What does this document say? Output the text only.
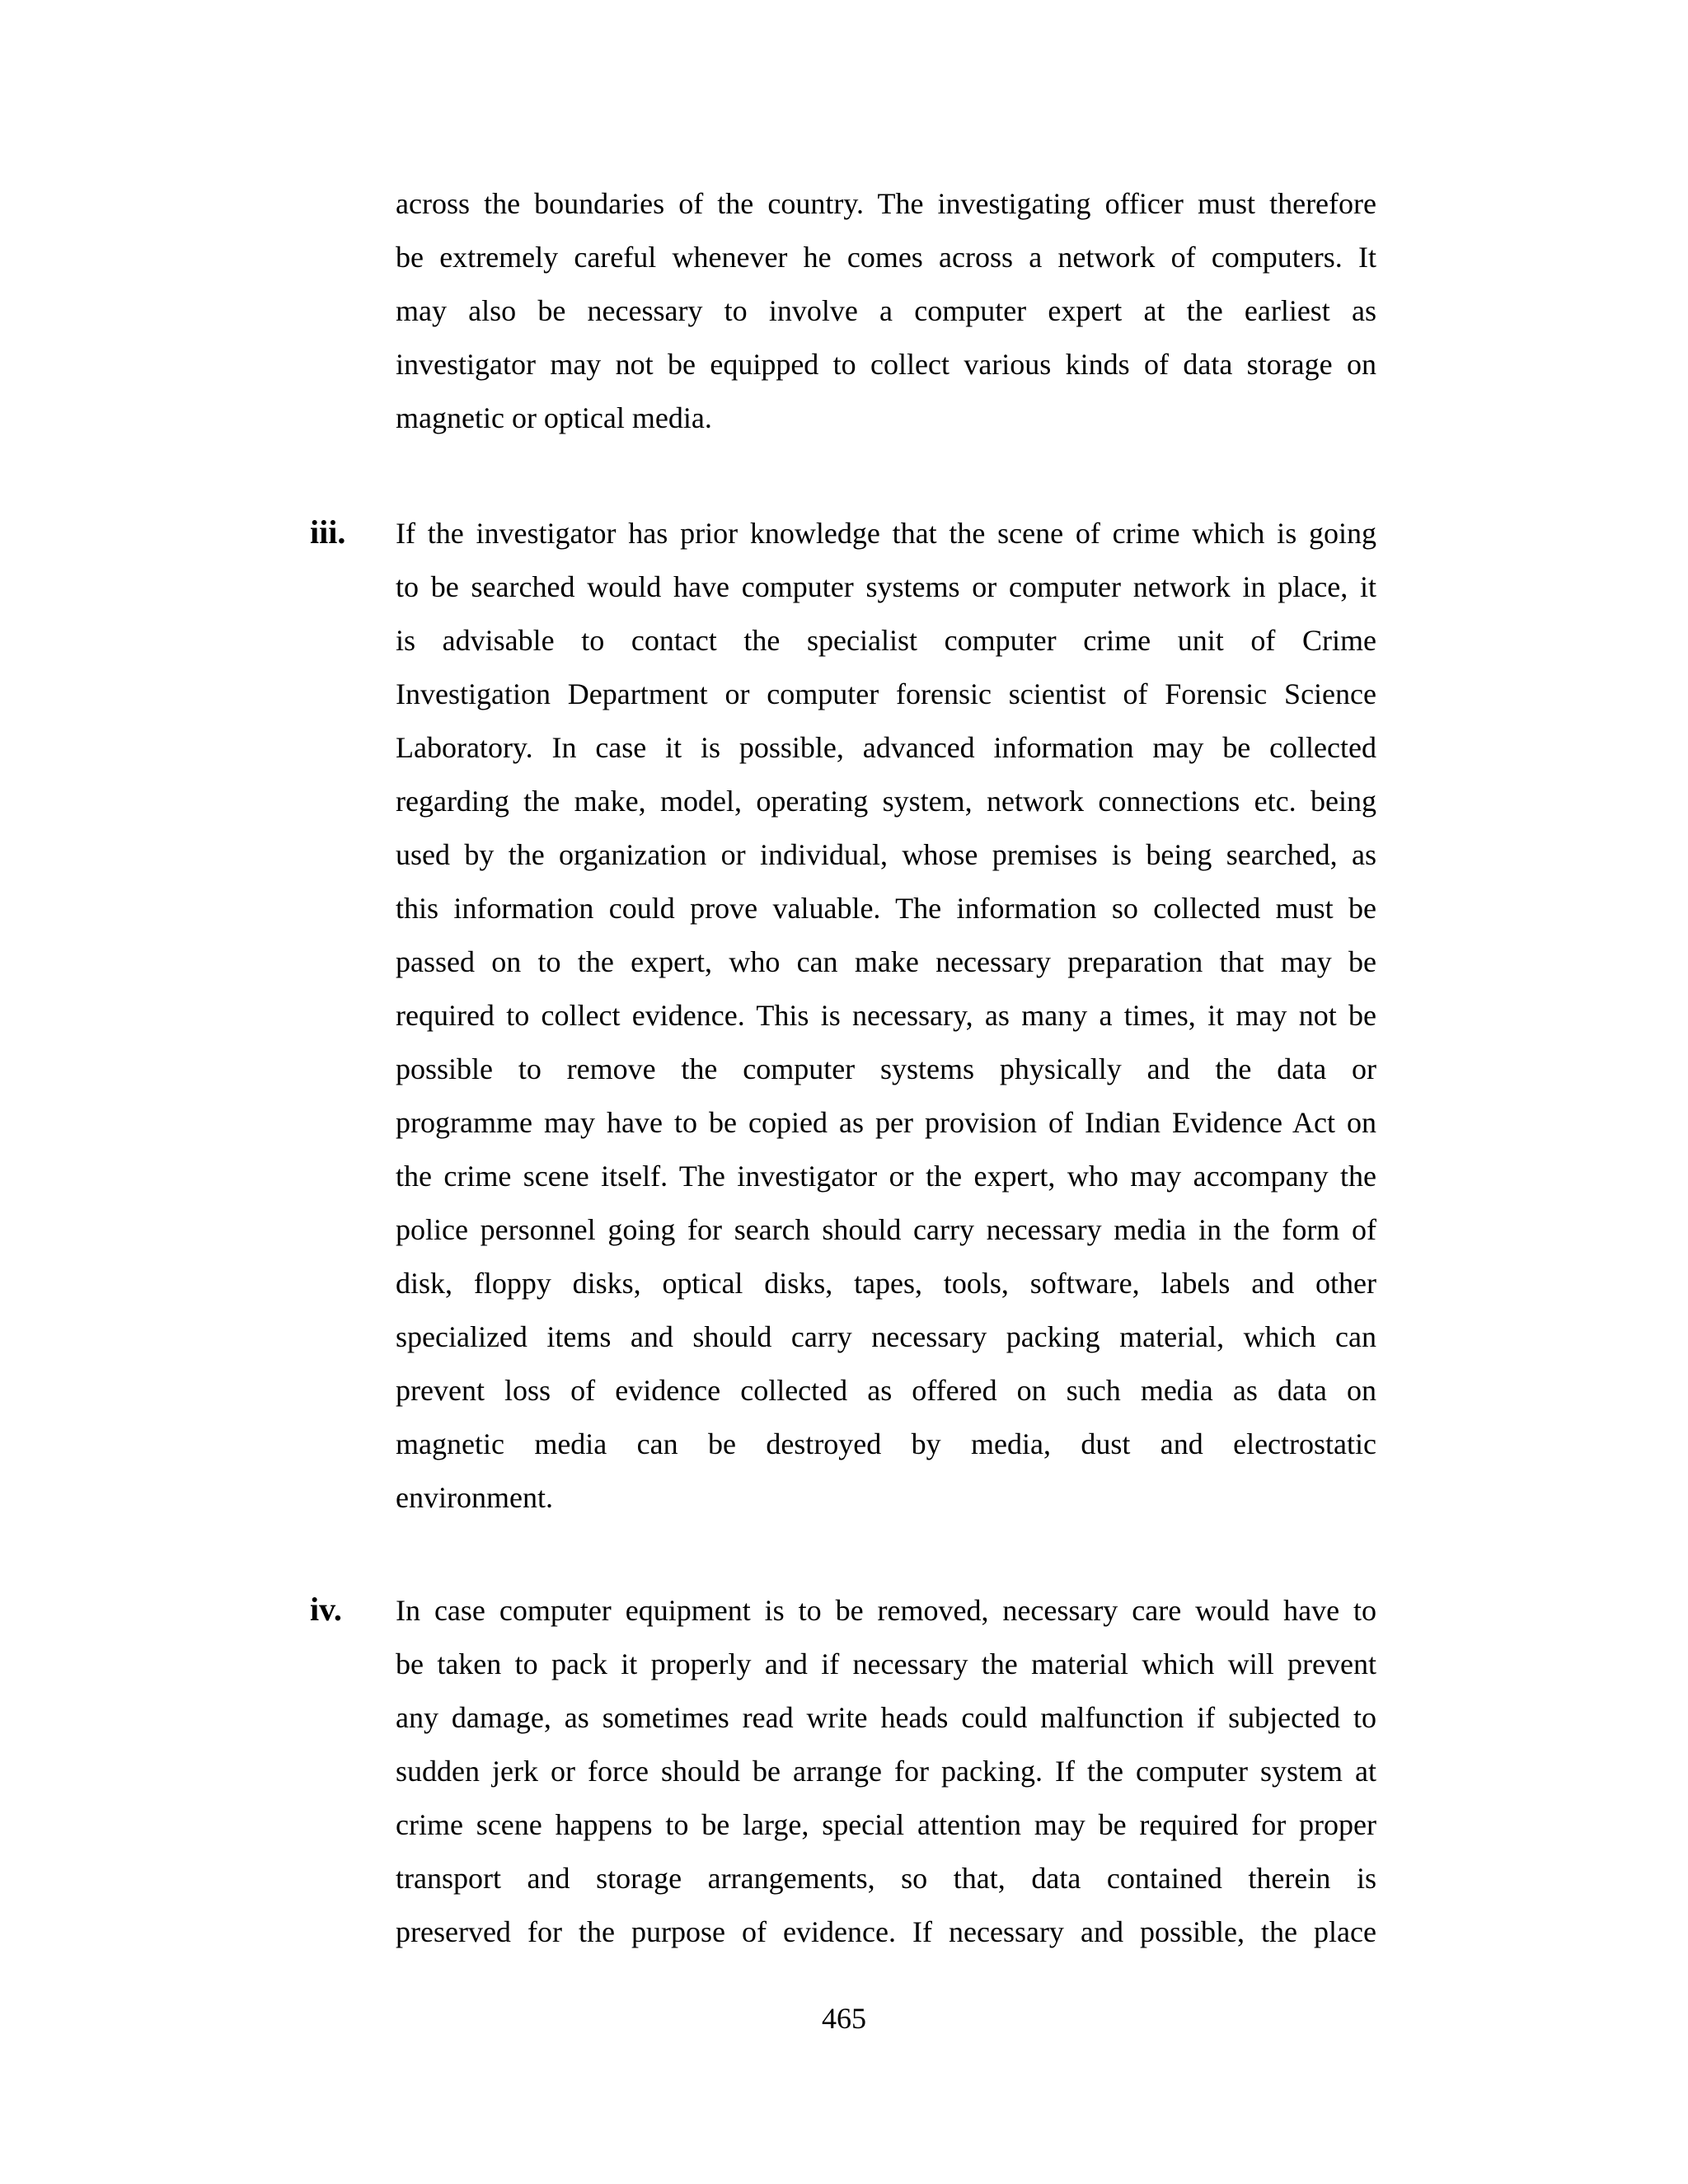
across the boundaries of the country. The investigating officer must therefore
be extremely careful whenever he comes across a network of computers. It
may also be necessary to involve a computer expert at the earliest as
investigator may not be equipped to collect various kinds of data storage on
magnetic or optical media.
iii. If the investigator has prior knowledge that the scene of crime which is going
to be searched would have computer systems or computer network in place, it
is advisable to contact the specialist computer crime unit of Crime
Investigation Department or computer forensic scientist of Forensic Science
Laboratory. In case it is possible, advanced information may be collected
regarding the make, model, operating system, network connections etc. being
used by the organization or individual, whose premises is being searched, as
this information could prove valuable. The information so collected must be
passed on to the expert, who can make necessary preparation that may be
required to collect evidence. This is necessary, as many a times, it may not be
possible to remove the computer systems physically and the data or
programme may have to be copied as per provision of Indian Evidence Act on
the crime scene itself. The investigator or the expert, who may accompany the
police personnel going for search should carry necessary media in the form of
disk, floppy disks, optical disks, tapes, tools, software, labels and other
specialized items and should carry necessary packing material, which can
prevent loss of evidence collected as offered on such media as data on
magnetic media can be destroyed by media, dust and electrostatic
environment.
iv. In case computer equipment is to be removed, necessary care would have to
be taken to pack it properly and if necessary the material which will prevent
any damage, as sometimes read write heads could malfunction if subjected to
sudden jerk or force should be arrange for packing. If the computer system at
crime scene happens to be large, special attention may be required for proper
transport and storage arrangements, so that, data contained therein is
preserved for the purpose of evidence. If necessary and possible, the place
465
